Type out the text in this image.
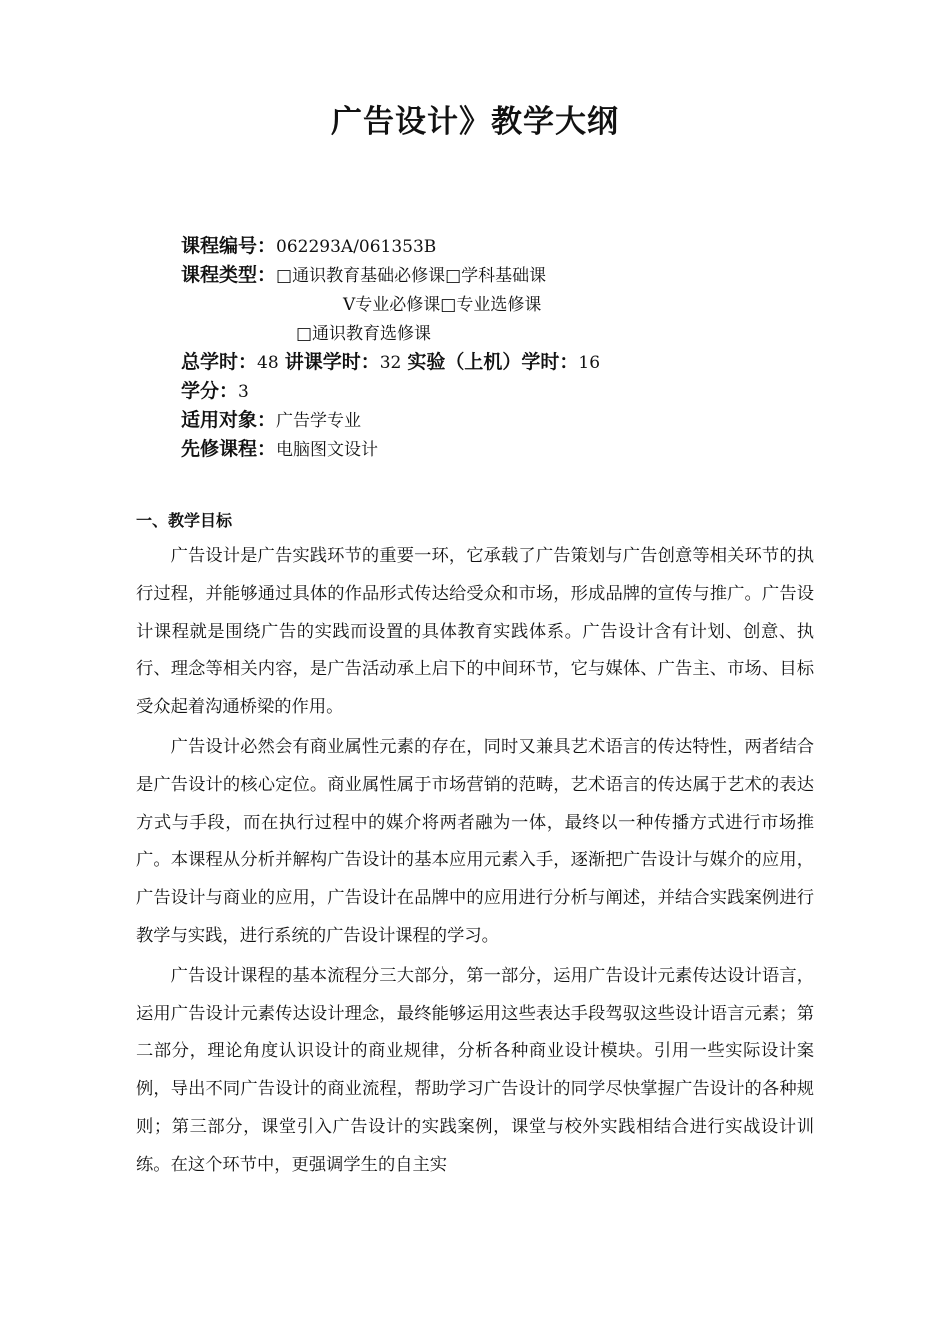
广告设计》教学大纲
课程编号：062293A/061353B
课程类型：□通识教育基础必修课□学科基础课
V专业必修课□专业选修课
□通识教育选修课
总学时：48 讲课学时：32 实验（上机）学时：16
学分：3
适用对象：广告学专业
先修课程：电脑图文设计
一、教学目标

广告设计是广告实践环节的重要一环，它承载了广告策划与广告创意等相关环节的执行过程，并能够通过具体的作品形式传达给受众和市场，形成品牌的宣传与推广。广告设计课程就是围绕广告的实践而设置的具体教育实践体系。广告设计含有计划、创意、执行、理念等相关内容，是广告活动承上启下的中间环节，它与媒体、广告主、市场、目标受众起着沟通桥梁的作用。

广告设计必然会有商业属性元素的存在，同时又兼具艺术语言的传达特性，两者结合是广告设计的核心定位。商业属性属于市场营销的范畴，艺术语言的传达属于艺术的表达方式与手段，而在执行过程中的媒介将两者融为一体，最终以一种传播方式进行市场推广。本课程从分析并解构广告设计的基本应用元素入手，逐渐把广告设计与媒介的应用，广告设计与商业的应用，广告设计在品牌中的应用进行分析与阐述，并结合实践案例进行教学与实践，进行系统的广告设计课程的学习。

广告设计课程的基本流程分三大部分，第一部分，运用广告设计元素传达设计语言，运用广告设计元素传达设计理念，最终能够运用这些表达手段驾驭这些设计语言元素；第二部分，理论角度认识设计的商业规律，分析各种商业设计模块。引用一些实际设计案例，导出不同广告设计的商业流程，帮助学习广告设计的同学尽快掌握广告设计的各种规则；第三部分，课堂引入广告设计的实践案例，课堂与校外实践相结合进行实战设计训练。在这个环节中，更强调学生的自主实
